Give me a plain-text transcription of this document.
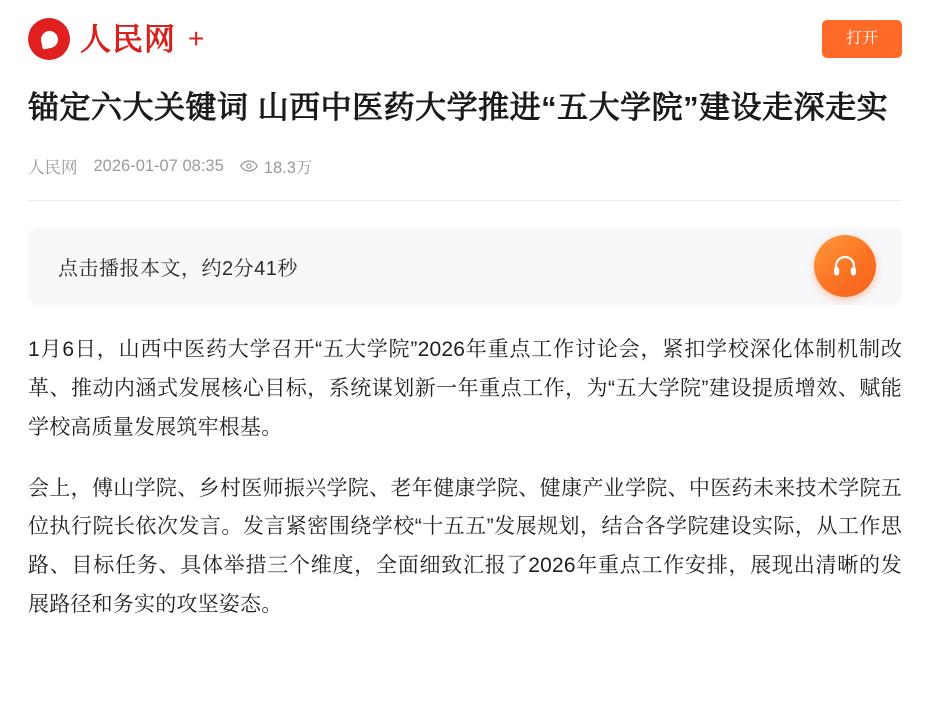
人民网 +	打开
锚定六大关键词 山西中医药大学推进“五大学院”建设走深走实
人民网 2026-01-07 08:35 18.3万
点击播报本文，约2分41秒

1月6日，山西中医药大学召开“五大学院”2026年重点工作讨论会，紧扣学校深化体制机制改革、推动内涵式发展核心目标，系统谋划新一年重点工作，为“五大学院”建设提质增效、赋能学校高质量发展筑牢根基。

会上，傅山学院、乡村医师振兴学院、老年健康学院、健康产业学院、中医药未来技术学院五位执行院长依次发言。发言紧密围绕学校“十五五”发展规划，结合各学院建设实际，从工作思路、目标任务、具体举措三个维度，全面细致汇报了2026年重点工作安排，展现出清晰的发展路径和务实的攻坚姿态。
